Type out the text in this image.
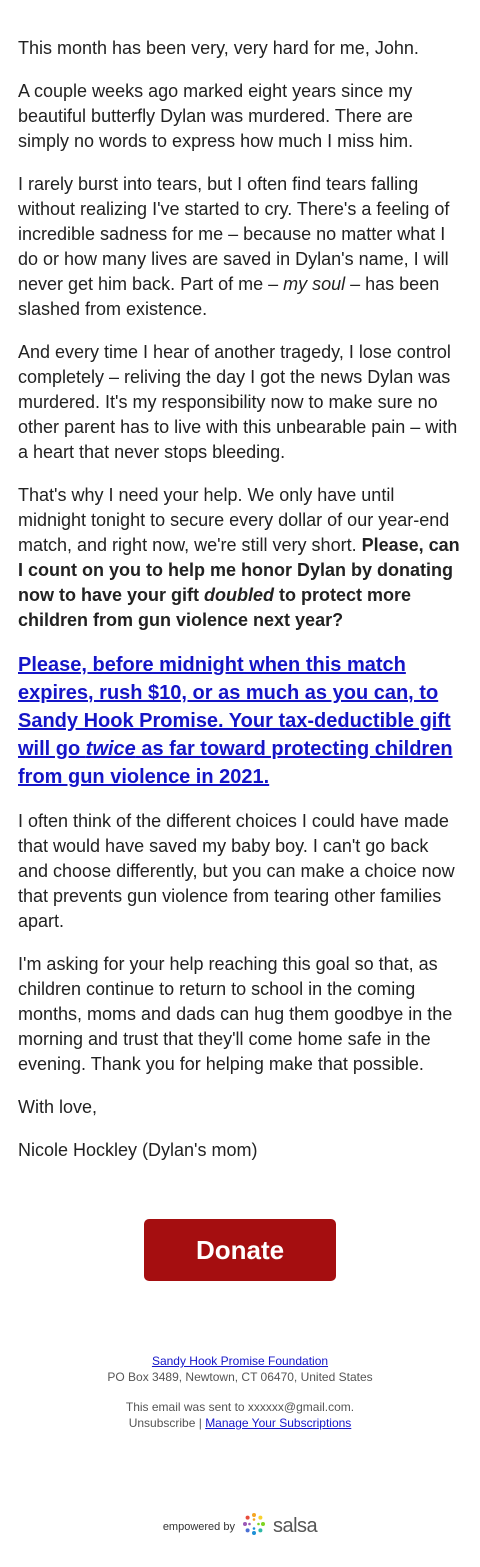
This month has been very, very hard for me, John.

A couple weeks ago marked eight years since my beautiful butterfly Dylan was murdered. There are simply no words to express how much I miss him.

I rarely burst into tears, but I often find tears falling without realizing I've started to cry. There's a feeling of incredible sadness for me – because no matter what I do or how many lives are saved in Dylan's name, I will never get him back. Part of me – my soul – has been slashed from existence.

And every time I hear of another tragedy, I lose control completely – reliving the day I got the news Dylan was murdered. It's my responsibility now to make sure no other parent has to live with this unbearable pain – with a heart that never stops bleeding.

That's why I need your help. We only have until midnight tonight to secure every dollar of our year-end match, and right now, we're still very short. Please, can I count on you to help me honor Dylan by donating now to have your gift doubled to protect more children from gun violence next year?

Please, before midnight when this match expires, rush $10, or as much as you can, to Sandy Hook Promise. Your tax-deductible gift will go twice as far toward protecting children from gun violence in 2021.

I often think of the different choices I could have made that would have saved my baby boy. I can't go back and choose differently, but you can make a choice now that prevents gun violence from tearing other families apart.

I'm asking for your help reaching this goal so that, as children continue to return to school in the coming months, moms and dads can hug them goodbye in the morning and trust that they'll come home safe in the evening. Thank you for helping make that possible.

With love,

Nicole Hockley (Dylan's mom)

Donate
Sandy Hook Promise Foundation
PO Box 3489, Newtown, CT 06470, United States
This email was sent to xxxxxx@gmail.com.
Unsubscribe | Manage Your Subscriptions
empowered by salsa
